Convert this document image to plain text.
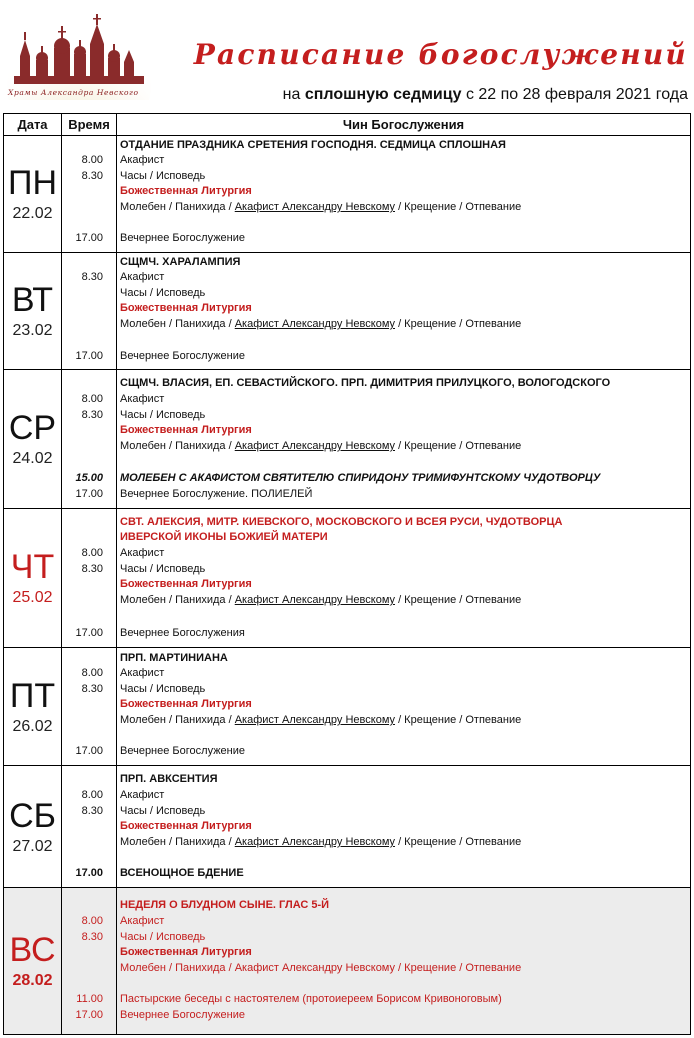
Храмы Александра Невского
Расписание богослужений
на сплошную седмицу с 22 по 28 февраля 2021 года
Дата	Время	Чин Богослужения
ПН
22.02
8.00
8.30
17.00
ОТДАНИЕ ПРАЗДНИКА СРЕТЕНИЯ ГОСПОДНЯ. СЕДМИЦА СПЛОШНАЯ
Акафист
Часы / Исповедь
Божественная Литургия
Молебен / Панихида / Акафист Александру Невскому / Крещение / Отпевание
Вечернее Богослужение
ВТ
23.02
8.30
17.00
СЩМЧ. ХАРАЛАМПИЯ
Акафист
Часы / Исповедь
Божественная Литургия
Молебен / Панихида / Акафист Александру Невскому / Крещение / Отпевание
Вечернее Богослужение
СР
24.02
8.00
8.30
15.00
17.00
СЩМЧ. ВЛАСИЯ, ЕП. СЕВАСТИЙСКОГО. ПРП. ДИМИТРИЯ ПРИЛУЦКОГО, ВОЛОГОДСКОГО
Акафист
Часы / Исповедь
Божественная Литургия
Молебен / Панихида / Акафист Александру Невскому / Крещение / Отпевание
МОЛЕБЕН С АКАФИСТОМ СВЯТИТЕЛЮ СПИРИДОНУ ТРИМИФУНТСКОМУ ЧУДОТВОРЦУ
Вечернее Богослужение. ПОЛИЕЛЕЙ
ЧТ
25.02
8.00
8.30
17.00
СВТ. АЛЕКСИЯ, МИТР. КИЕВСКОГО, МОСКОВСКОГО И ВСЕЯ РУСИ, ЧУДОТВОРЦА
ИВЕРСКОЙ ИКОНЫ БОЖИЕЙ МАТЕРИ
Акафист
Часы / Исповедь
Божественная Литургия
Молебен / Панихида / Акафист Александру Невскому / Крещение / Отпевание
Вечернее Богослужения
ПТ
26.02
8.00
8.30
17.00
ПРП. МАРТИНИАНА
Акафист
Часы / Исповедь
Божественная Литургия
Молебен / Панихида / Акафист Александру Невскому / Крещение / Отпевание
Вечернее Богослужение
СБ
27.02
8.00
8.30
17.00
ПРП. АВКСЕНТИЯ
Акафист
Часы / Исповедь
Божественная Литургия
Молебен / Панихида / Акафист Александру Невскому / Крещение / Отпевание
ВСЕНОЩНОЕ БДЕНИЕ
ВС
28.02
8.00
8.30
11.00
17.00
НЕДЕЛЯ О БЛУДНОМ СЫНЕ. ГЛАС 5-Й
Акафист
Часы / Исповедь
Божественная Литургия
Молебен / Панихида / Акафист Александру Невскому / Крещение / Отпевание
Пастырские беседы с настоятелем (протоиереем Борисом Кривоноговым)
Вечернее Богослужение
